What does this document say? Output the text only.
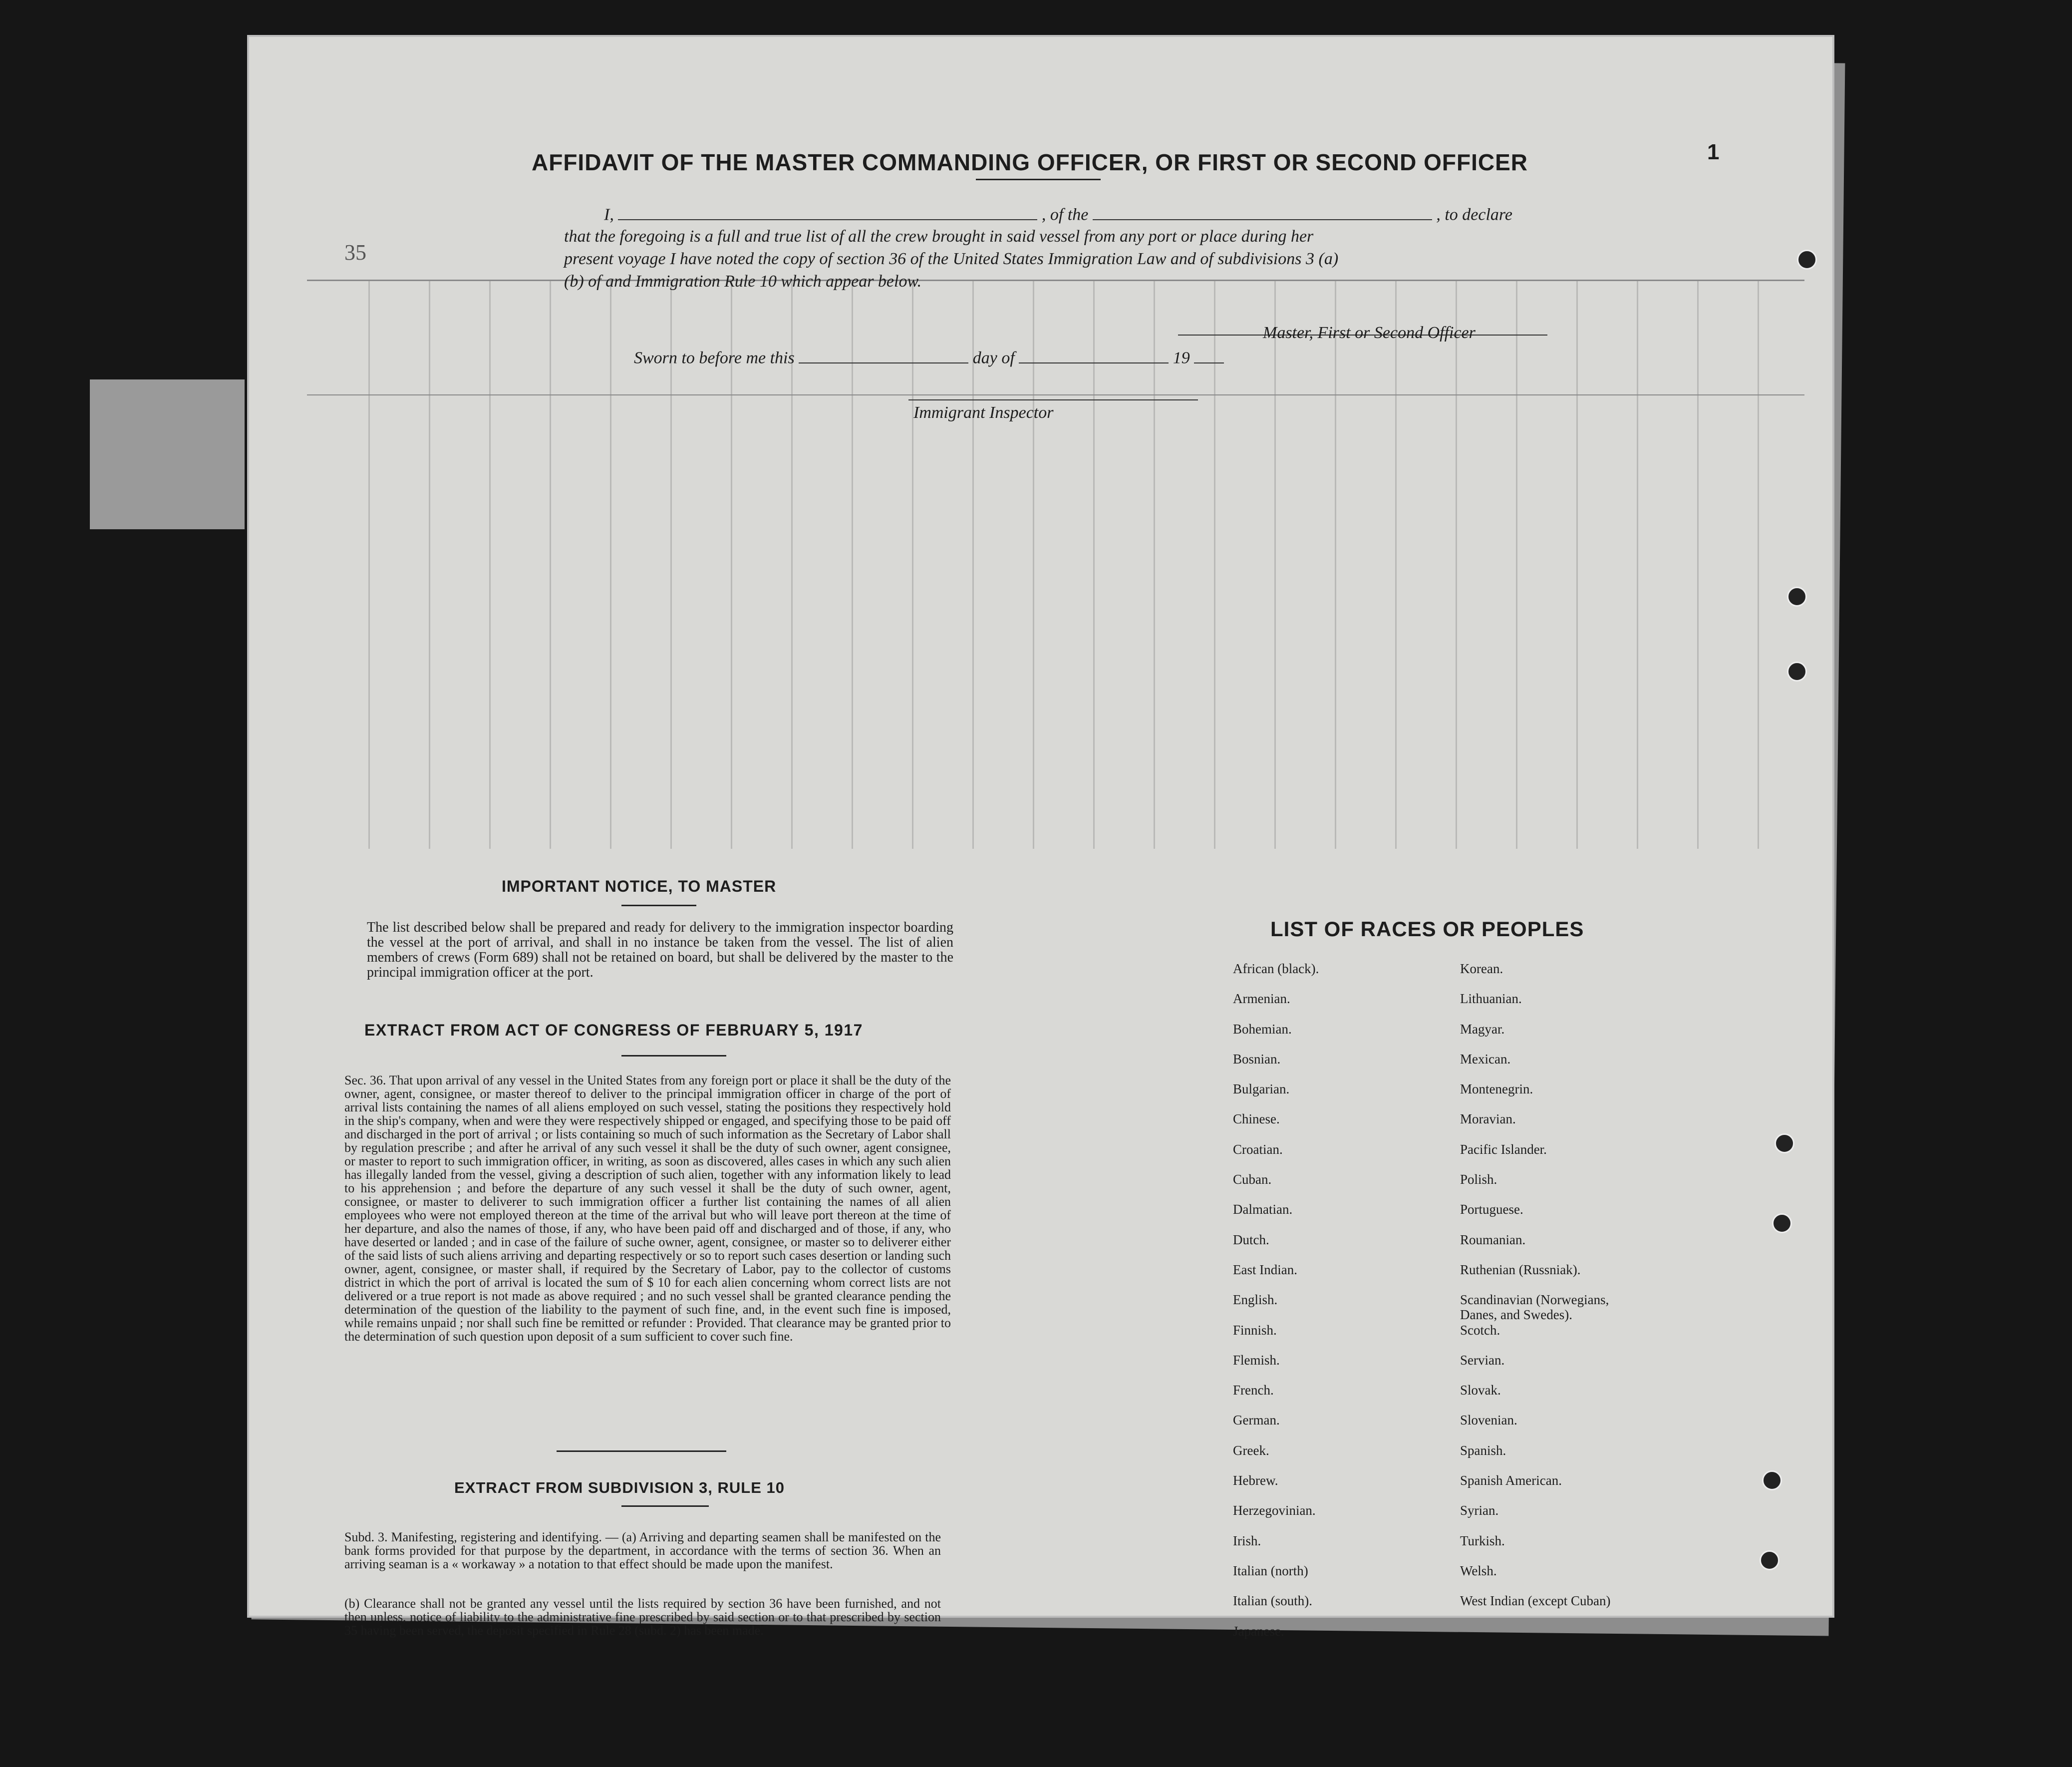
1
35
AFFIDAVIT OF THE MASTER COMMANDING OFFICER, OR FIRST OR SECOND OFFICER
I,	, of the	, to declare
that the foregoing is a full and true list of all the crew brought in said vessel from any port or place during her
present voyage I have noted the copy of section 36 of the United States Immigration Law and of subdivisions 3 (a)
(b) of and Immigration Rule 10 which appear below.
Sworn to before me this	day of	19
Master, First or Second Officer
Immigrant Inspector
IMPORTANT NOTICE, TO MASTER
The list described below shall be prepared and ready for delivery to the immigration inspector boarding the vessel at the port of arrival, and shall in no instance be taken from the vessel. The list of alien members of crews (Form 689) shall not be retained on board, but shall be delivered by the master to the principal immigration officer at the port.
EXTRACT FROM ACT OF CONGRESS OF FEBRUARY 5, 1917
Sec. 36. That upon arrival of any vessel in the United States from any foreign port or place it shall be the duty of the owner, agent, consignee, or master thereof to deliver to the principal immigration officer in charge of the port of arrival lists containing the names of all aliens employed on such vessel, stating the positions they respectively hold in the ship's company, when and were they were respectively shipped or engaged, and specifying those to be paid off and discharged in the port of arrival ; or lists containing so much of such information as the Secretary of Labor shall by regulation prescribe ; and after he arrival of any such vessel it shall be the duty of such owner, agent consignee, or master to report to such immigration officer, in writing, as soon as discovered, alles cases in which any such alien has illegally landed from the vessel, giving a description of such alien, together with any information likely to lead to his apprehension ; and before the departure of any such vessel it shall be the duty of such owner, agent, consignee, or master to deliverer to such immigration officer a further list containing the names of all alien employees who were not employed thereon at the time of the arrival but who will leave port thereon at the time of her departure, and also the names of those, if any, who have been paid off and discharged and of those, if any, who have deserted or landed ; and in case of the failure of suche owner, agent, consignee, or master so to deliverer either of the said lists of such aliens arriving and departing respectively or so to report such cases desertion or landing such owner, agent, consignee, or master shall, if required by the Secretary of Labor, pay to the collector of customs district in which the port of arrival is located the sum of $ 10 for each alien concerning whom correct lists are not delivered or a true report is not made as above required ; and no such vessel shall be granted clearance pending the determination of the question of the liability to the payment of such fine, and, in the event such fine is imposed, while remains unpaid ; nor shall such fine be remitted or refunder : Provided. That clearance may be granted prior to the determination of such question upon deposit of a sum sufficient to cover such fine.
EXTRACT FROM SUBDIVISION 3, RULE 10
Subd. 3. Manifesting, registering and identifying. — (a) Arriving and departing seamen shall be manifested on the bank forms provided for that purpose by the department, in accordance with the terms of section 36. When an arriving seaman is a « workaway » a notation to that effect should be made upon the manifest.
(b) Clearance shall not be granted any vessel until the lists required by section 36 have been furnished, and not then unless, notice of liability to the administrative fine prescribed by said section or to that prescribed by section 35 having been served, the deposit specified in Rule 28 (subd. 2) has been made.
LIST OF RACES OR PEOPLES
African (black).
Armenian.
Bohemian.
Bosnian.
Bulgarian.
Chinese.
Croatian.
Cuban.
Dalmatian.
Dutch.
East Indian.
English.
Finnish.
Flemish.
French.
German.
Greek.
Hebrew.
Herzegovinian.
Irish.
Italian (north)
Italian (south).
Japanese.
Korean.
Lithuanian.
Magyar.
Mexican.
Montenegrin.
Moravian.
Pacific Islander.
Polish.
Portuguese.
Roumanian.
Ruthenian (Russniak).
Scandinavian (Norwegians, Danes, and Swedes).
Scotch.
Servian.
Slovak.
Slovenian.
Spanish.
Spanish American.
Syrian.
Turkish.
Welsh.
West Indian (except Cuban)
